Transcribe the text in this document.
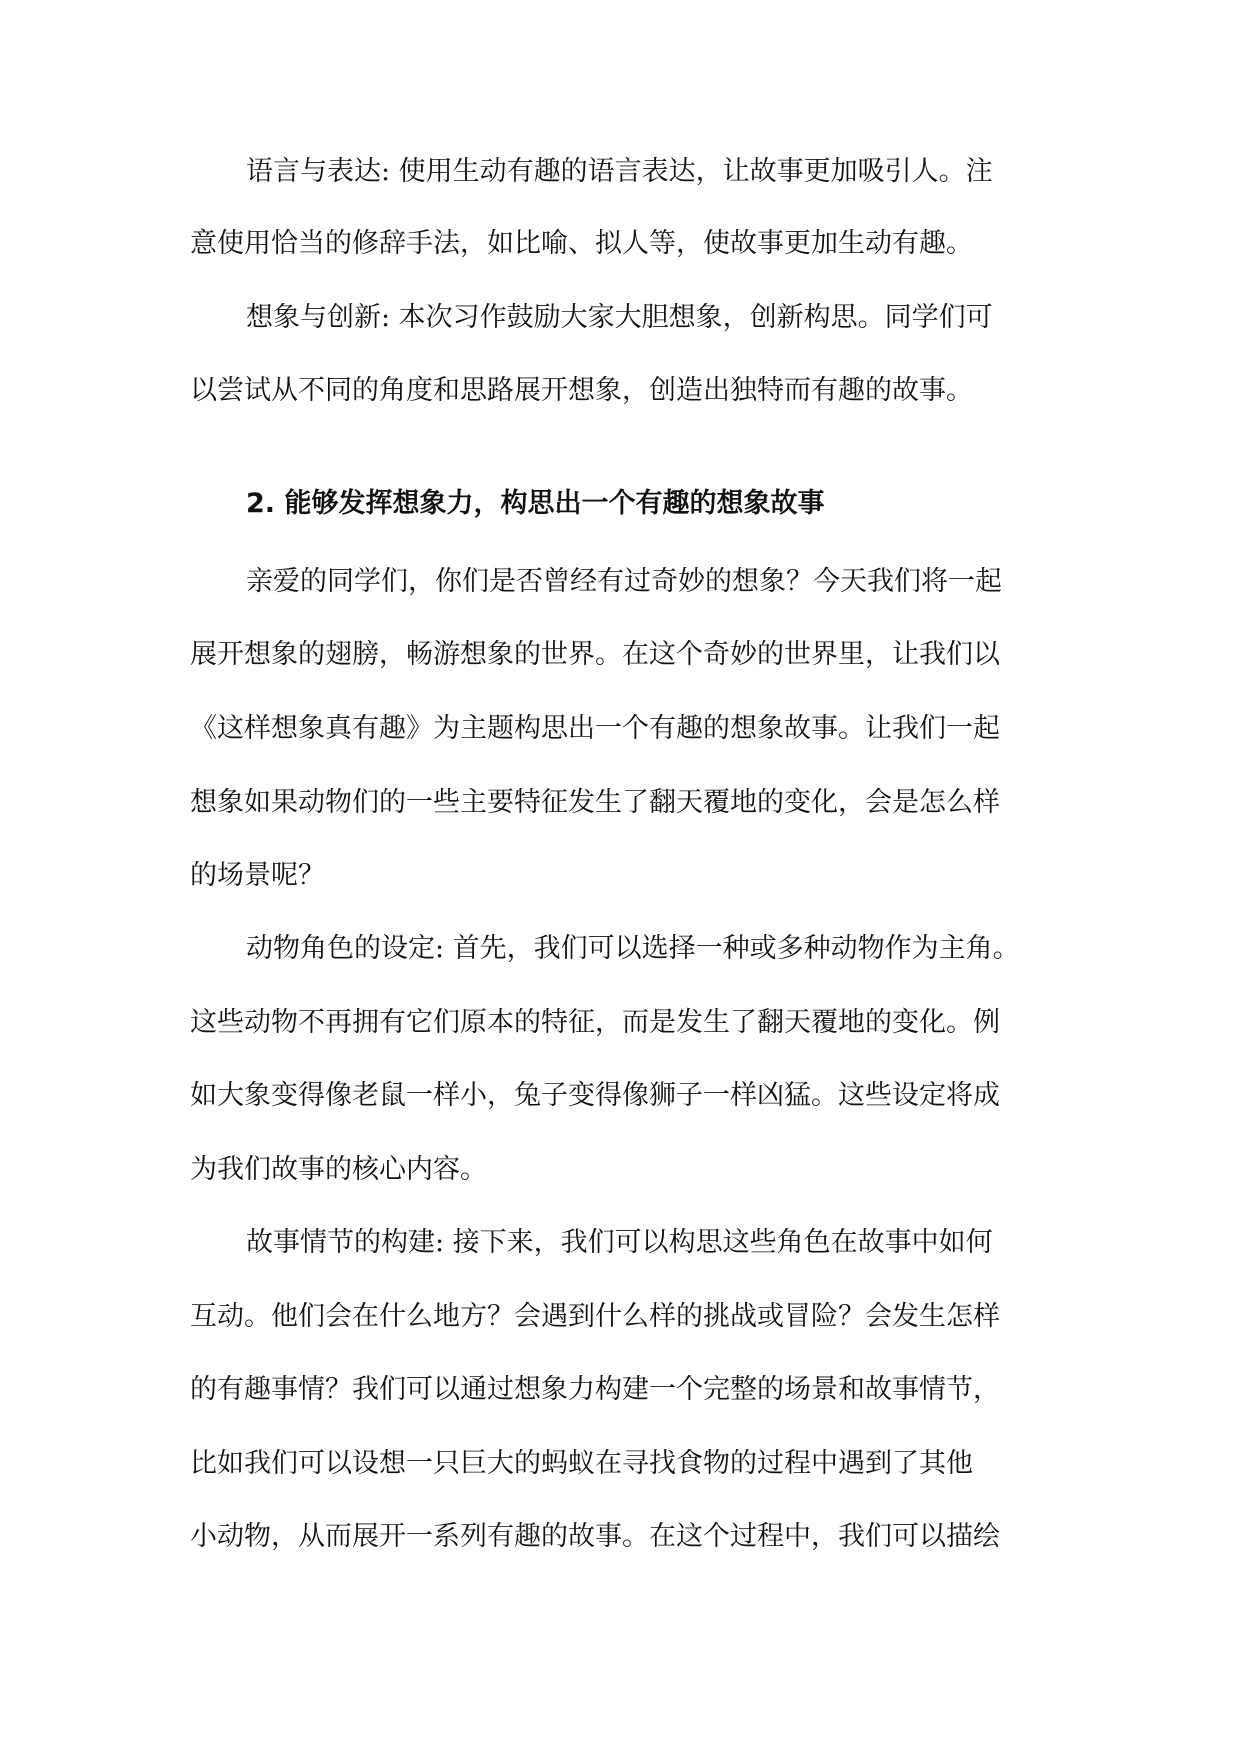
语言与表达: 使用生动有趣的语言表达，让故事更加吸引人。注

意使用恰当的修辞手法，如比喻、拟人等，使故事更加生动有趣。

想象与创新: 本次习作鼓励大家大胆想象，创新构思。同学们可

以尝试从不同的角度和思路展开想象，创造出独特而有趣的故事。

2. 能够发挥想象力，构思出一个有趣的想象故事

亲爱的同学们，你们是否曾经有过奇妙的想象？今天我们将一起

展开想象的翅膀，畅游想象的世界。在这个奇妙的世界里，让我们以

《这样想象真有趣》为主题构思出一个有趣的想象故事。让我们一起

想象如果动物们的一些主要特征发生了翻天覆地的变化，会是怎么样

的场景呢？

动物角色的设定: 首先，我们可以选择一种或多种动物作为主角。

这些动物不再拥有它们原本的特征，而是发生了翻天覆地的变化。例

如大象变得像老鼠一样小，兔子变得像狮子一样凶猛。这些设定将成

为我们故事的核心内容。

故事情节的构建: 接下来，我们可以构思这些角色在故事中如何

互动。他们会在什么地方？会遇到什么样的挑战或冒险？会发生怎样

的有趣事情？我们可以通过想象力构建一个完整的场景和故事情节，

比如我们可以设想一只巨大的蚂蚁在寻找食物的过程中遇到了其他

小动物，从而展开一系列有趣的故事。在这个过程中，我们可以描绘
